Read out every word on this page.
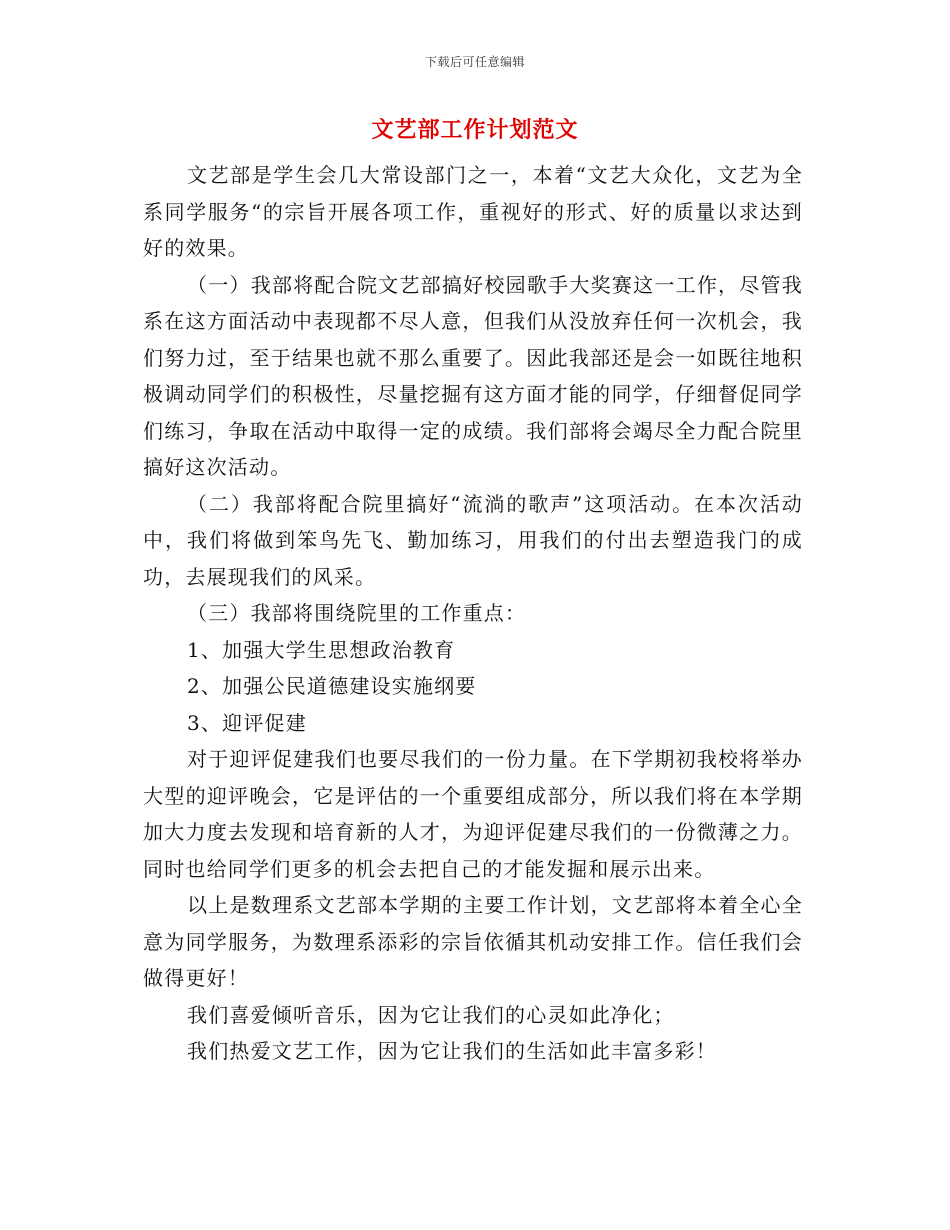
下载后可任意编辑
文艺部工作计划范文

文艺部是学生会几大常设部门之一，本着“文艺大众化，文艺为全系同学服务“的宗旨开展各项工作，重视好的形式、好的质量以求达到好的效果。

（一）我部将配合院文艺部搞好校园歌手大奖赛这一工作，尽管我系在这方面活动中表现都不尽人意，但我们从没放弃任何一次机会，我们努力过，至于结果也就不那么重要了。因此我部还是会一如既往地积极调动同学们的积极性，尽量挖掘有这方面才能的同学，仔细督促同学们练习，争取在活动中取得一定的成绩。我们部将会竭尽全力配合院里搞好这次活动。

（二）我部将配合院里搞好“流淌的歌声”这项活动。在本次活动中，我们将做到笨鸟先飞、勤加练习，用我们的付出去塑造我门的成功，去展现我们的风采。

（三）我部将围绕院里的工作重点：

1、加强大学生思想政治教育

2、加强公民道德建设实施纲要

3、迎评促建

对于迎评促建我们也要尽我们的一份力量。在下学期初我校将举办大型的迎评晚会，它是评估的一个重要组成部分，所以我们将在本学期加大力度去发现和培育新的人才，为迎评促建尽我们的一份微薄之力。同时也给同学们更多的机会去把自己的才能发掘和展示出来。

以上是数理系文艺部本学期的主要工作计划，文艺部将本着全心全意为同学服务，为数理系添彩的宗旨依循其机动安排工作。信任我们会做得更好！

我们喜爱倾听音乐，因为它让我们的心灵如此净化；

我们热爱文艺工作，因为它让我们的生活如此丰富多彩！
